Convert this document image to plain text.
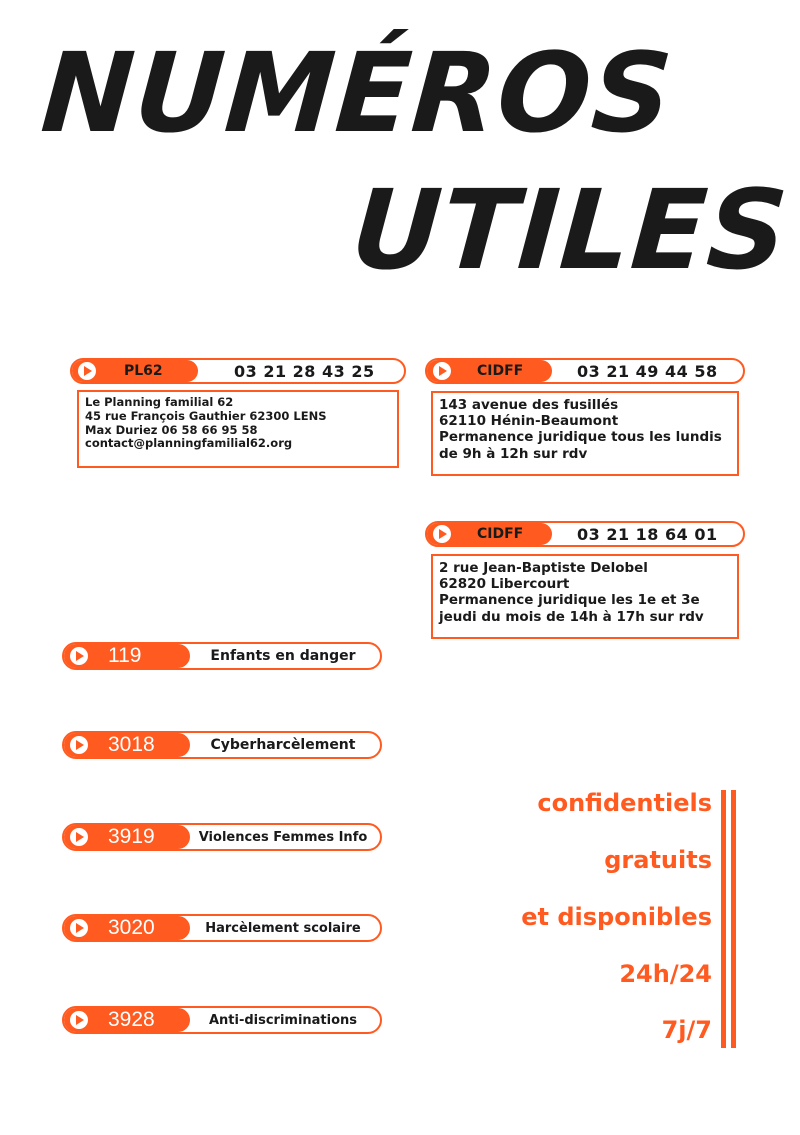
NUMÉROS
UTILES
PL62	03 21 28 43 25
Le Planning familial 62
45 rue François Gauthier 62300 LENS
Max Duriez 06 58 66 95 58
contact@planningfamilial62.org
CIDFF	03 21 49 44 58
143 avenue des fusillés
62110 Hénin-Beaumont
Permanence juridique tous les lundis
de 9h à 12h sur rdv
CIDFF	03 21 18 64 01
2 rue Jean-Baptiste Delobel
62820 Libercourt
Permanence juridique les 1e et 3e
jeudi du mois de 14h à 17h sur rdv
119	Enfants en danger
3018	Cyberharcèlement
3919	Violences Femmes Info
3020	Harcèlement scolaire
3928	Anti-discriminations
confidentiels
gratuits
et disponibles
24h/24
7j/7
